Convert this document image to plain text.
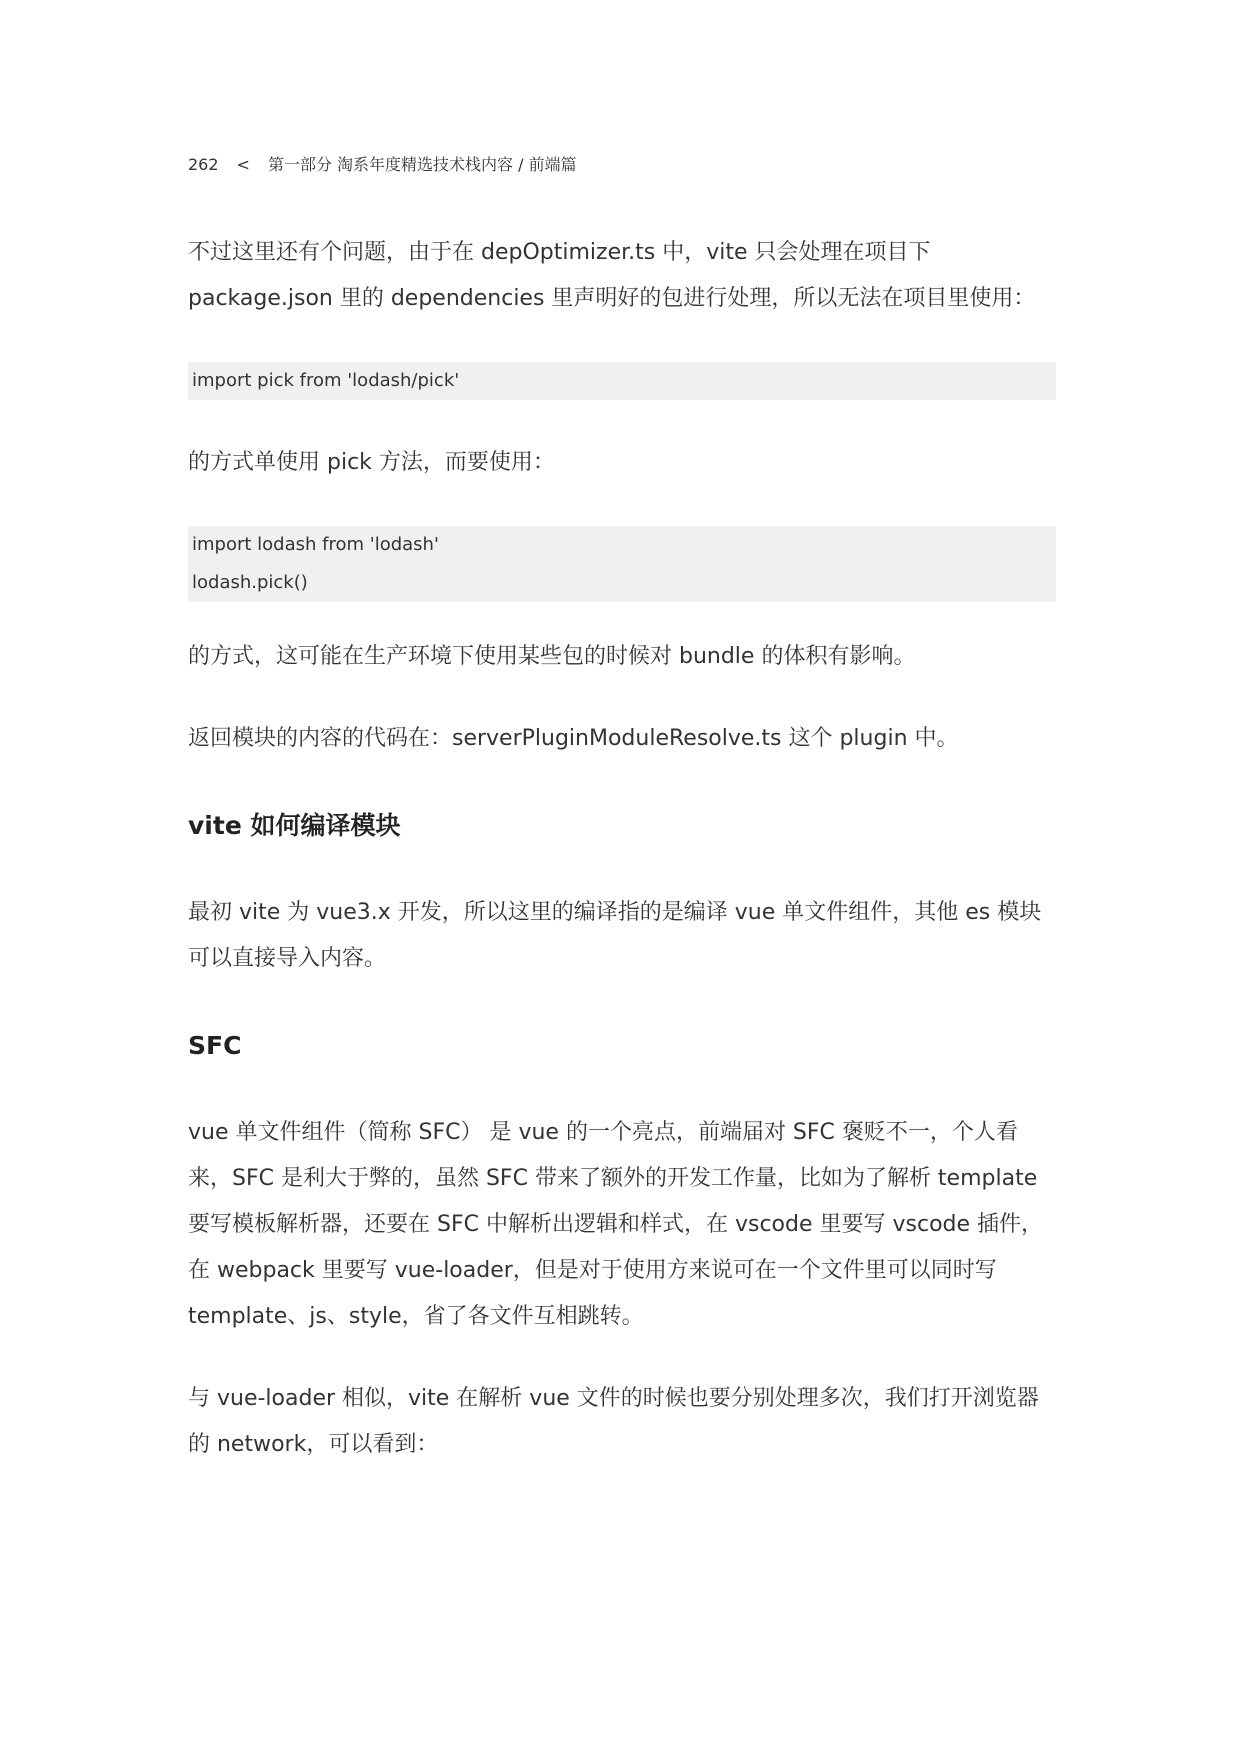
262 < 第一部分 淘系年度精选技术栈内容 / 前端篇

不过这里还有个问题，由于在 depOptimizer.ts 中，vite 只会处理在项目下 package.json 里的 dependencies 里声明好的包进行处理，所以无法在项目里使用：

import pick from 'lodash/pick'

的方式单使用 pick 方法，而要使用：

import lodash from 'lodash'
lodash.pick()

的方式，这可能在生产环境下使用某些包的时候对 bundle 的体积有影响。

返回模块的内容的代码在：serverPluginModuleResolve.ts 这个 plugin 中。

vite 如何编译模块

最初 vite 为 vue3.x 开发，所以这里的编译指的是编译 vue 单文件组件，其他 es 模块可以直接导入内容。

SFC

vue 单文件组件（简称 SFC） 是 vue 的一个亮点，前端届对 SFC 褒贬不一，个人看来，SFC 是利大于弊的，虽然 SFC 带来了额外的开发工作量，比如为了解析 template 要写模板解析器，还要在 SFC 中解析出逻辑和样式，在 vscode 里要写 vscode 插件，在 webpack 里要写 vue-loader，但是对于使用方来说可在一个文件里可以同时写 template、js、style，省了各文件互相跳转。

与 vue-loader 相似，vite 在解析 vue 文件的时候也要分别处理多次，我们打开浏览器的 network，可以看到：
